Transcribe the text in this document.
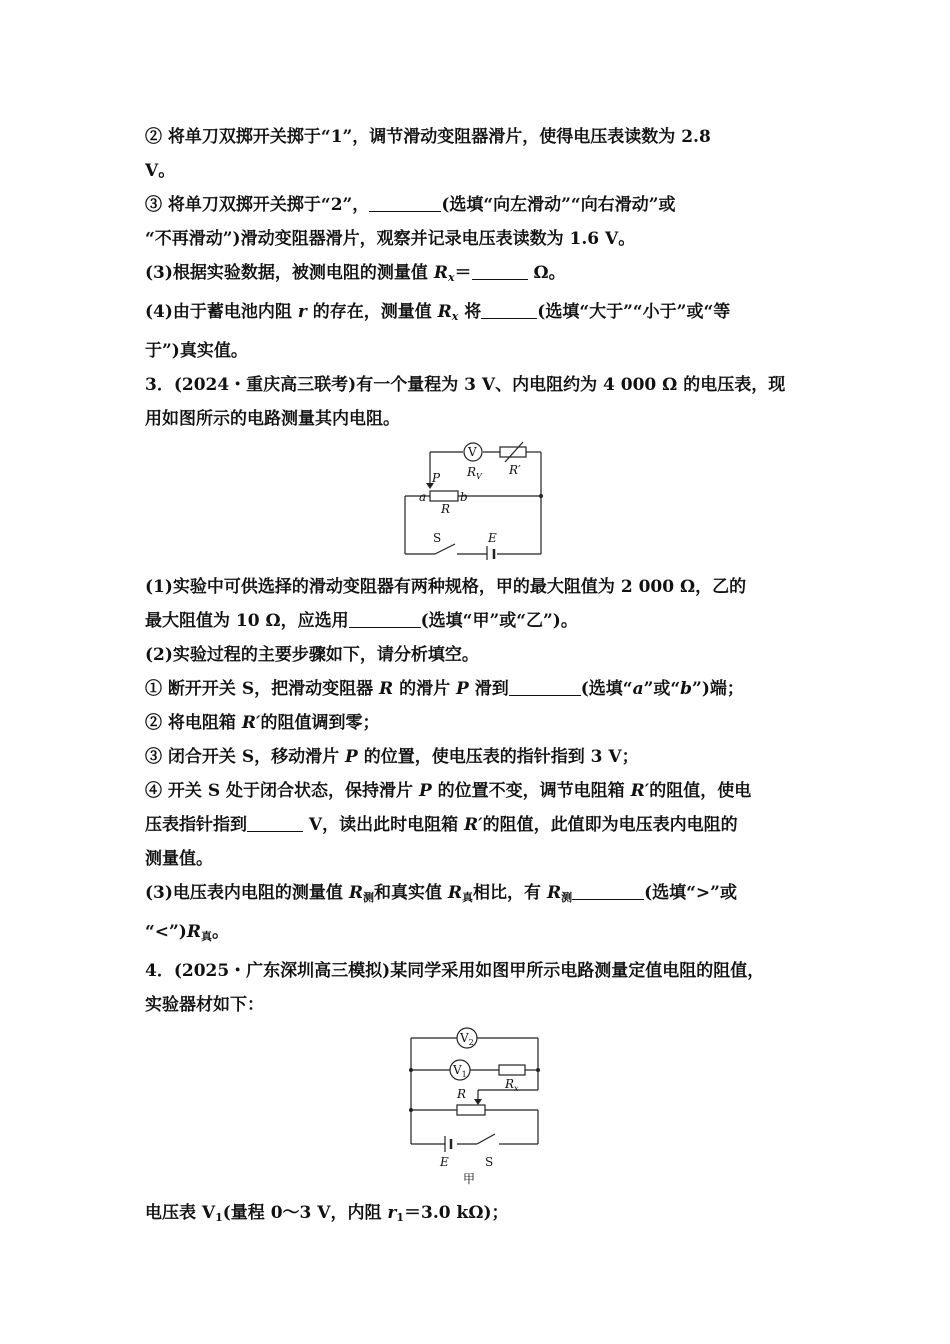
② 将单刀双掷开关掷于“1”，调节滑动变阻器滑片，使得电压表读数为 2.8
V。
③ 将单刀双掷开关掷于“2”，	(选填“向左滑动”“向右滑动”或
“不再滑动”)滑动变阻器滑片，观察并记录电压表读数为 1.6 V。
(3)根据实验数据，被测电阻的测量值 $R_x=$	Ω。
(4)由于蓄电池内阻 r 的存在，测量值 $R_x$ 将	(选填“大于”“小于”或“等
于”)真实值。
3．(2024・重庆高三联考)有一个量程为 3 V、内电阻约为 4 000 Ω 的电压表，现
用如图所示的电路测量其内电阻。
V
$R_V$ R′
P
a
R
b
S	E
(1)实验中可供选择的滑动变阻器有两种规格，甲的最大阻值为 2 000 Ω，乙的
最大阻值为 10 Ω，应选用	(选填“甲”或“乙”)。
(2)实验过程的主要步骤如下，请分析填空。
① 断开开关 S，把滑动变阻器 R 的滑片 P 滑到	(选填“a”或“b”)端；
② 将电阻箱 R′的阻值调到零；
③ 闭合开关 S，移动滑片 P 的位置，使电压表的指针指到 3 V；
④ 开关 S 处于闭合状态，保持滑片 P 的位置不变，调节电阻箱 R′的阻值，使电
压表指针指到	V，读出此时电阻箱 R′的阻值，此值即为电压表内电阻的
测量值。
(3)电压表内电阻的测量值 $R_测$和真实值 $R_真$相比，有 $R_测$	(选填“>”或
“$<”)R_真$。
4．(2025・广东深圳高三模拟)某同学采用如图甲所示电路测量定值电阻的阻值，
实验器材如下：
$V_2$
$V_1$
$R_x$
R
E	S
甲
电压表 $V_1$(量程 0～3 V，内阻 $r_1=3.0$ kΩ)；
